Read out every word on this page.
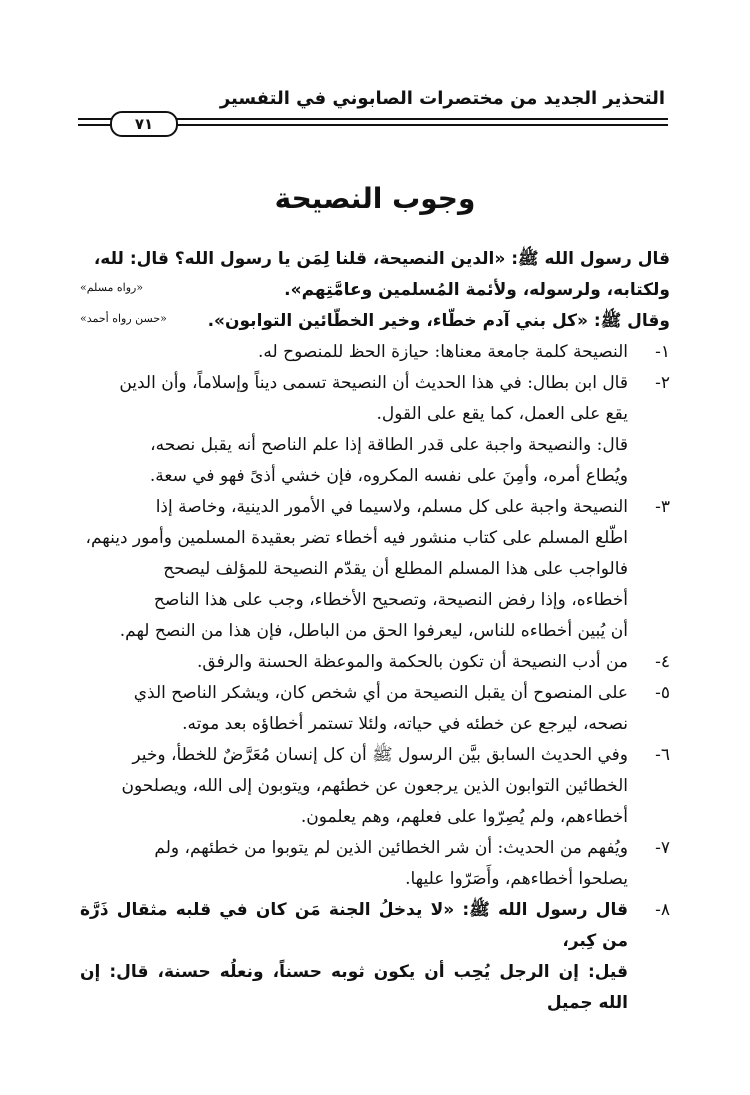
التحذير الجديد من مختصرات الصابوني في التفسير
٧١
وجوب النصيحة
قال رسول الله ﷺ: «الدين النصيحة، قلنا لِمَن يا رسول الله؟ قال: لله،
ولكتابه، ولرسوله، ولأئمة المُسلمين وعامَّتِهم».
«رواه مسلم»
وقال ﷺ: «كل بني آدم خطّاء، وخير الخطّائين التوابون».
«حسن رواه أحمد»
١-
النصيحة كلمة جامعة معناها: حيازة الحظ للمنصوح له.
٢-
قال ابن بطال: في هذا الحديث أن النصيحة تسمى ديناً وإسلاماً، وأن الدين
يقع على العمل، كما يقع على القول.
قال: والنصيحة واجبة على قدر الطاقة إذا علم الناصح أنه يقبل نصحه،
ويُطاع أمره، وأمِنَ على نفسه المكروه، فإن خشي أذىً فهو في سعة.
٣-
النصيحة واجبة على كل مسلم، ولاسيما في الأمور الدينية، وخاصة إذا
اطّلع المسلم على كتاب منشور فيه أخطاء تضر بعقيدة المسلمين وأمور دينهم،
فالواجب على هذا المسلم المطلع أن يقدّم النصيحة للمؤلف ليصحح
أخطاءه، وإذا رفض النصيحة، وتصحيح الأخطاء، وجب على هذا الناصح
أن يُبين أخطاءه للناس، ليعرفوا الحق من الباطل، فإن هذا من النصح لهم.
٤-
من أدب النصيحة أن تكون بالحكمة والموعظة الحسنة والرفق.
٥-
على المنصوح أن يقبل النصيحة من أي شخص كان، ويشكر الناصح الذي
نصحه، ليرجع عن خطئه في حياته، ولئلا تستمر أخطاؤه بعد موته.
٦-
وفي الحديث السابق بيَّن الرسول ﷺ أن كل إنسان مُعَرَّضٌ للخطأ، وخير
الخطائين التوابون الذين يرجعون عن خطئهم، ويتوبون إلى الله، ويصلحون
أخطاءهم، ولم يُصِرّوا على فعلهم، وهم يعلمون.
٧-
ويُفهم من الحديث: أن شر الخطائين الذين لم يتوبوا من خطئهم، ولم
يصلحوا أخطاءهم، وأَصَرّوا عليها.
٨-
قال رسول الله ﷺ: «لا يدخلُ الجنة مَن كان في قلبه مثقال ذَرَّة من كِبر،
قيل: إن الرجل يُحِب أن يكون ثوبه حسناً، ونعلُه حسنة، قال: إن الله جميل
